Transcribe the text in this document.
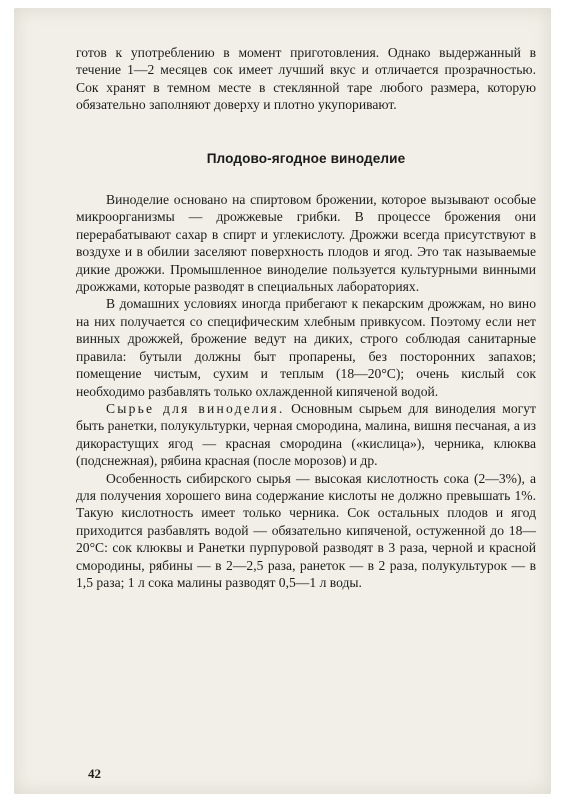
готов к употреблению в момент приготовления. Однако выдержанный в течение 1—2 месяцев сок имеет лучший вкус и отличается прозрачностью. Сок хранят в темном месте в стеклянной таре любого размера, которую обязательно заполняют доверху и плотно укупоривают.

Плодово-ягодное виноделие

Виноделие основано на спиртовом брожении, которое вызывают особые микроорганизмы — дрожжевые грибки. В процессе брожения они перерабатывают сахар в спирт и углекислоту. Дрожжи всегда присутствуют в воздухе и в обилии заселяют поверхность плодов и ягод. Это так называемые дикие дрожжи. Промышленное виноделие пользуется культурными винными дрожжами, которые разводят в специальных лабораториях.

В домашних условиях иногда прибегают к пекарским дрожжам, но вино на них получается со специфическим хлебным привкусом. Поэтому если нет винных дрожжей, брожение ведут на диких, строго соблюдая санитарные правила: бутыли должны быт пропарены, без посторонних запахов; помещение чистым, сухим и теплым (18—20°С); очень кислый сок необходимо разбавлять только охлажденной кипяченой водой.

Сырье для виноделия. Основным сырьем для виноделия могут быть ранетки, полукультурки, черная смородина, малина, вишня песчаная, а из дикорастущих ягод — красная смородина («кислица»), черника, клюква (подснежная), рябина красная (после морозов) и др.

Особенность сибирского сырья — высокая кислотность сока (2—3%), а для получения хорошего вина содержание кислоты не должно превышать 1%. Такую кислотность имеет только черника. Сок остальных плодов и ягод приходится разбавлять водой — обязательно кипяченой, остуженной до 18—20°С: сок клюквы и Ранетки пурпуровой разводят в 3 раза, черной и красной смородины, рябины — в 2—2,5 раза, ранеток — в 2 раза, полукультурок — в 1,5 раза; 1 л сока малины разводят 0,5—1 л воды.

42
